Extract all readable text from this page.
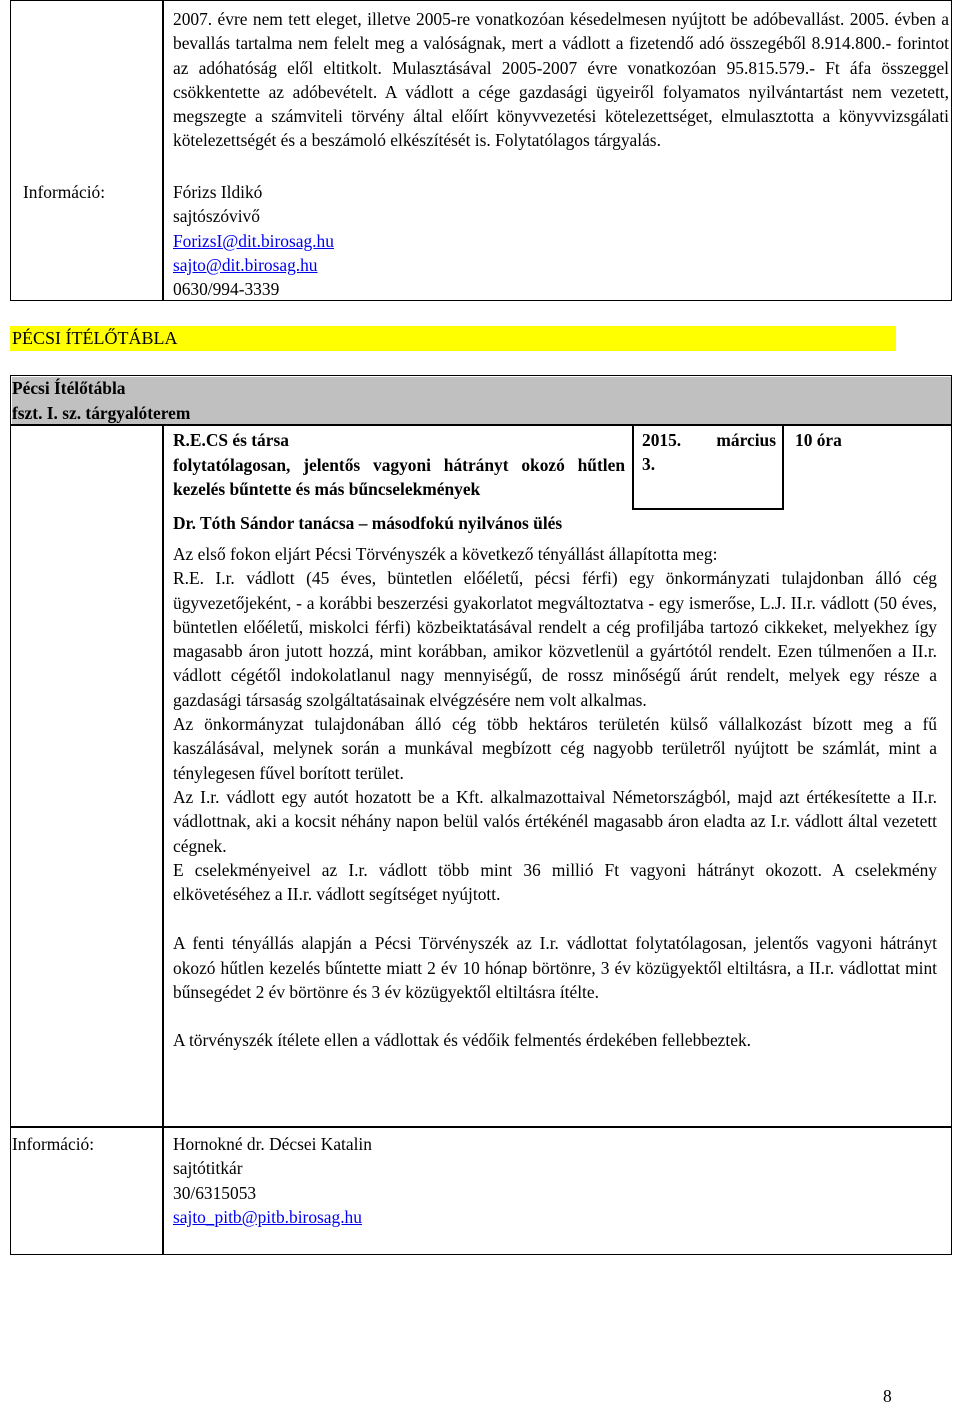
Információ:
2007. évre nem tett eleget, illetve 2005-re vonatkozóan késedelmesen nyújtott be adóbevallást. 2005. évben a bevallás tartalma nem felelt meg a valóságnak, mert a vádlott a fizetendő adó összegéből 8.914.800.- forintot az adóhatóság elől eltitkolt. Mulasztásával 2005-2007 évre vonatkozóan 95.815.579.- Ft áfa összeggel csökkentette az adóbevételt. A vádlott a cége gazdasági ügyeiről folyamatos nyilvántartást nem vezetett, megszegte a számviteli törvény által előírt könyvvezetési kötelezettséget, elmulasztotta a könyvvizsgálati kötelezettségét és a beszámoló elkészítését is. Folytatólagos tárgyalás.
Fórizs Ildikó
sajtószóvivő
ForizsI@dit.birosag.hu
sajto@dit.birosag.hu
0630/994-3339
PÉCSI ÍTÉLŐTÁBLA
Pécsi Ítélőtábla
fszt. I. sz. tárgyalóterem
R.E.CS és társa
folytatólagosan, jelentős vagyoni hátrányt okozó hűtlen kezelés bűntette és más bűncselekmények
2015. március
3.
10 óra
Dr. Tóth Sándor tanácsa – másodfokú nyilvános ülés

Az első fokon eljárt Pécsi Törvényszék a következő tényállást állapította meg:

R.E. I.r. vádlott (45 éves, büntetlen előéletű, pécsi férfi) egy önkormányzati tulajdonban álló cég ügyvezetőjeként, - a korábbi beszerzési gyakorlatot megváltoztatva - egy ismerőse, L.J. II.r. vádlott (50 éves, büntetlen előéletű, miskolci férfi) közbeiktatásával rendelt a cég profiljába tartozó cikkeket, melyekhez így magasabb áron jutott hozzá, mint korábban, amikor közvetlenül a gyártótól rendelt. Ezen túlmenően a II.r. vádlott cégétől indokolatlanul nagy mennyiségű, de rossz minőségű árút rendelt, melyek egy része a gazdasági társaság szolgáltatásainak elvégzésére nem volt alkalmas.

Az önkormányzat tulajdonában álló cég több hektáros területén külső vállalkozást bízott meg a fű kaszálásával, melynek során a munkával megbízott cég nagyobb területről nyújtott be számlát, mint a ténylegesen fűvel borított terület.

Az I.r. vádlott egy autót hozatott be a Kft. alkalmazottaival Németországból, majd azt értékesítette a II.r. vádlottnak, aki a kocsit néhány napon belül valós értékénél magasabb áron eladta az I.r. vádlott által vezetett cégnek.

E cselekményeivel az I.r. vádlott több mint 36 millió Ft vagyoni hátrányt okozott. A cselekmény elkövetéséhez a II.r. vádlott segítséget nyújtott.

A fenti tényállás alapján a Pécsi Törvényszék az I.r. vádlottat folytatólagosan, jelentős vagyoni hátrányt okozó hűtlen kezelés bűntette miatt 2 év 10 hónap börtönre, 3 év közügyektől eltiltásra, a II.r. vádlottat mint bűnsegédet 2 év börtönre és 3 év közügyektől eltiltásra ítélte.

A törvényszék ítélete ellen a vádlottak és védőik felmentés érdekében fellebbeztek.

Információ:	Hornokné dr. Décsei Katalin
sajtótitkár
30/6315053
sajto_pitb@pitb.birosag.hu
8
